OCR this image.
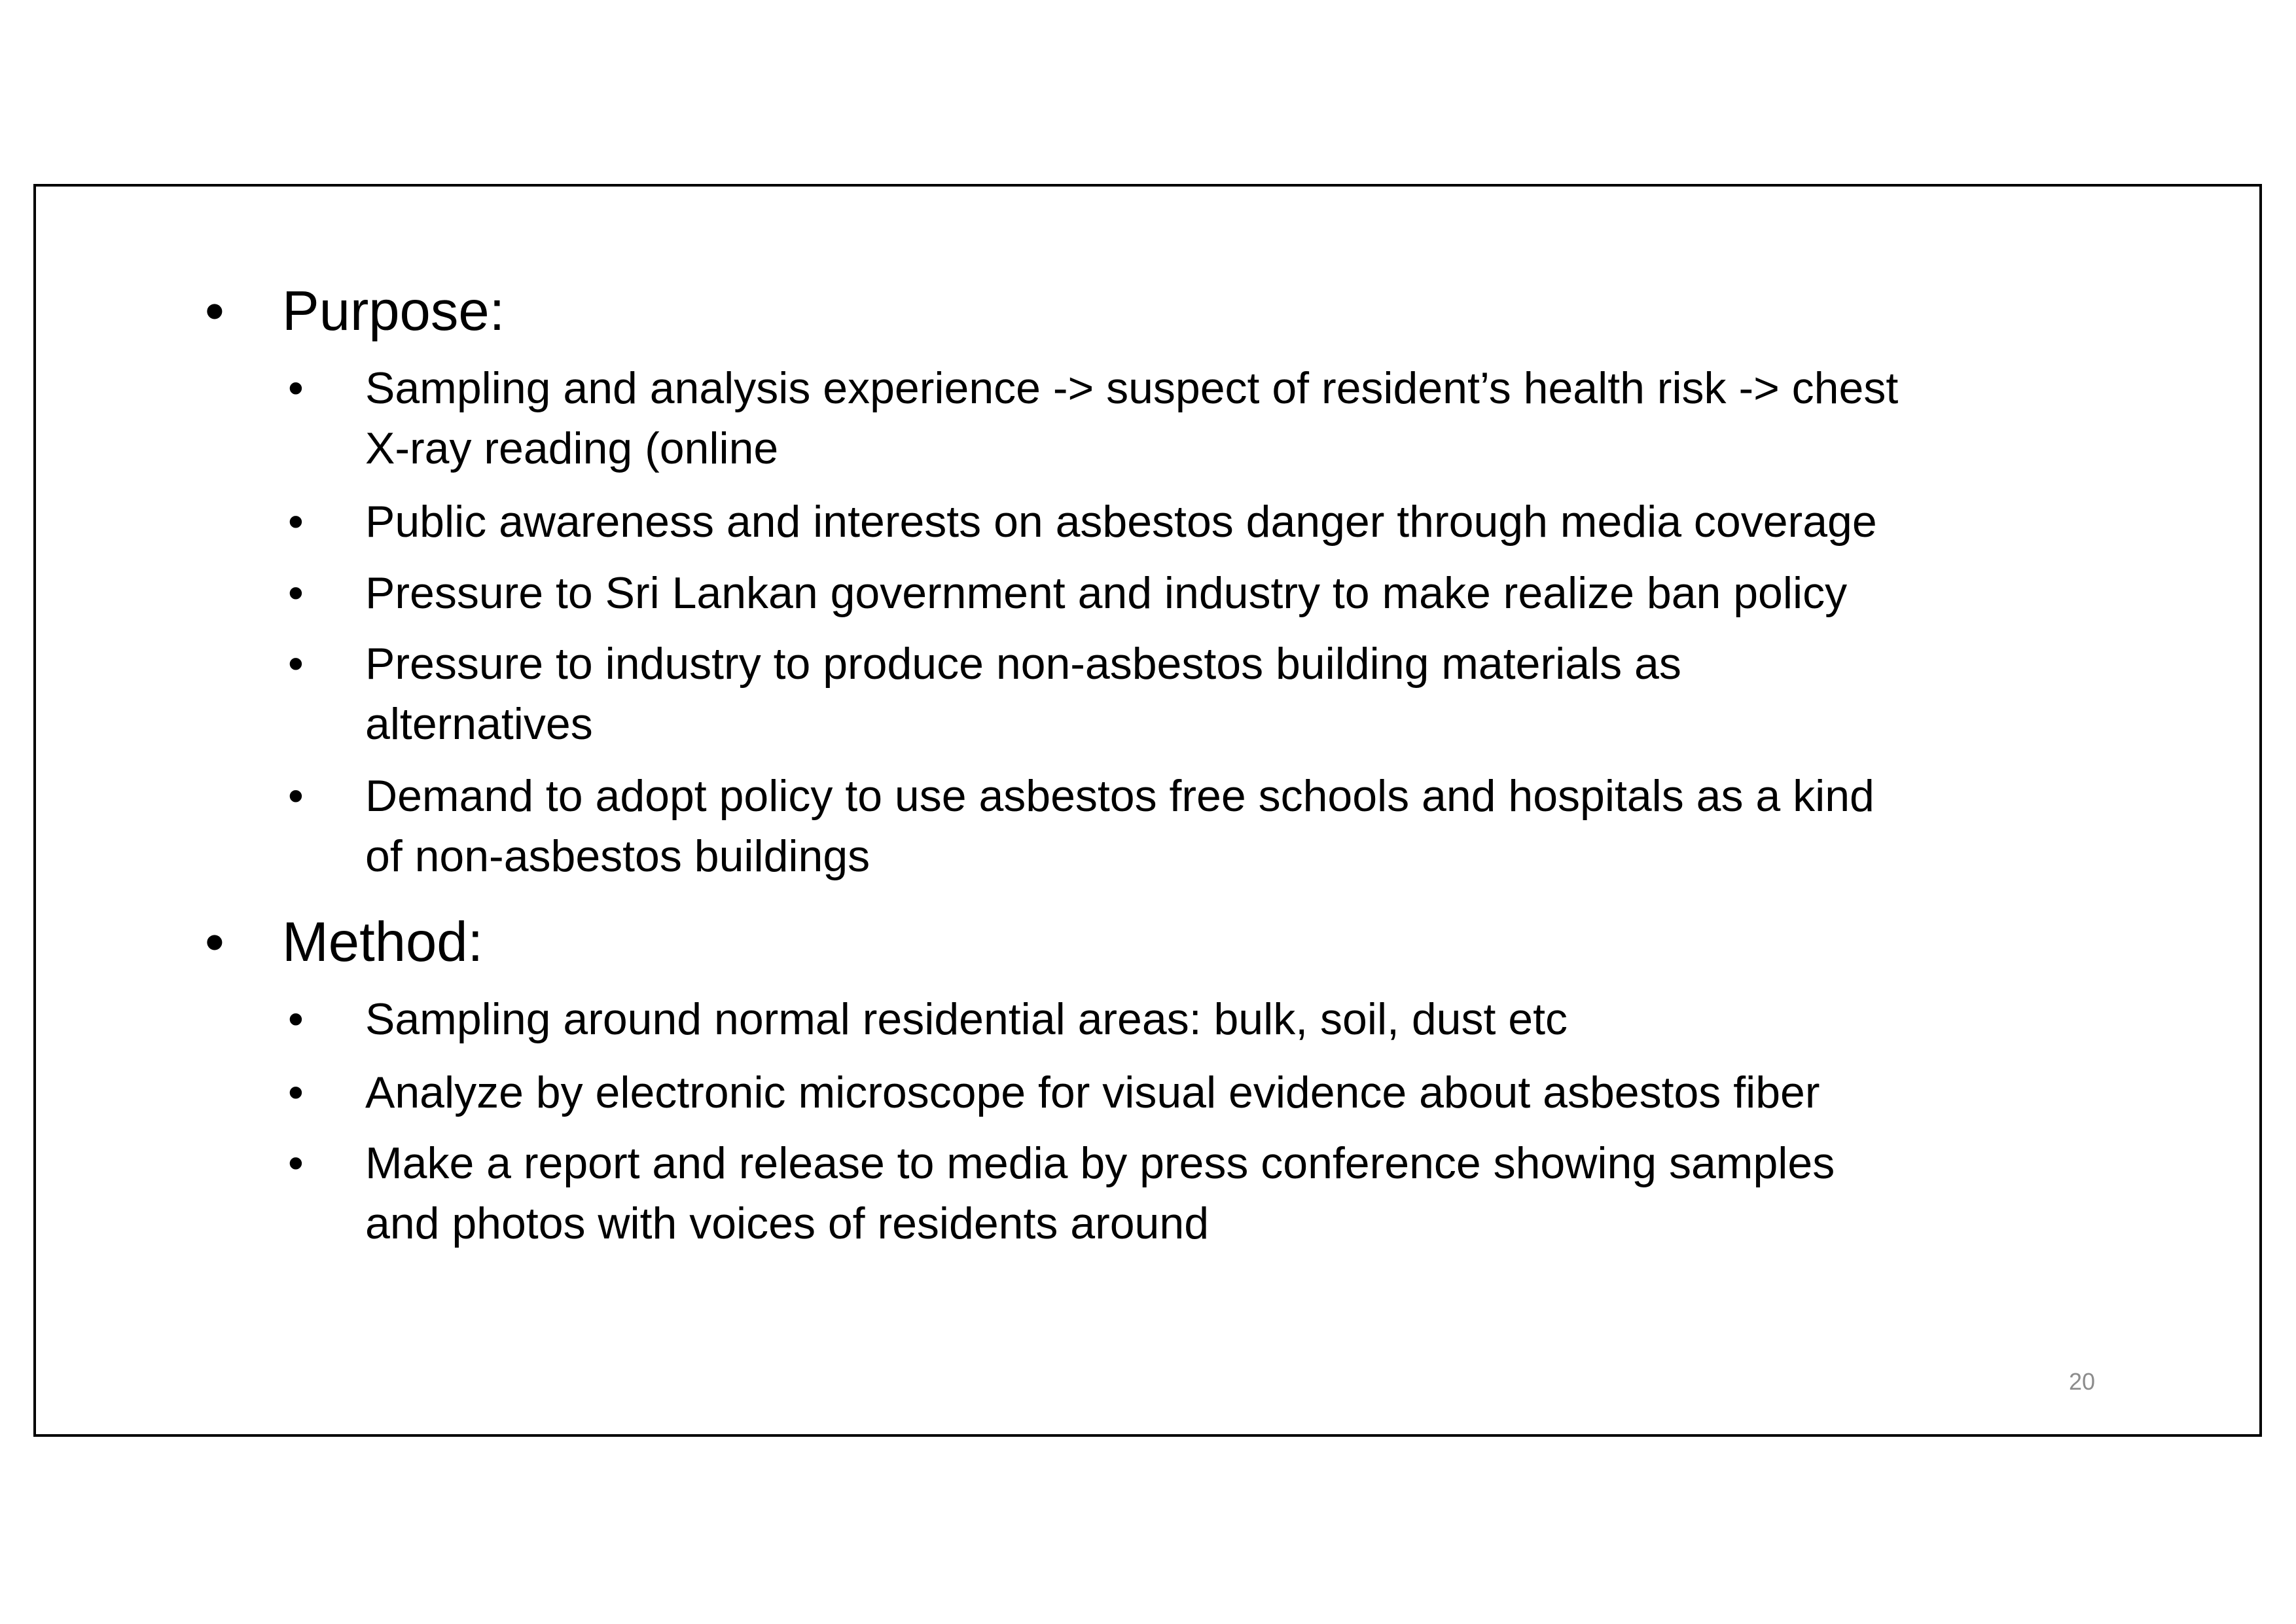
• Purpose:
• Sampling and analysis experience -> suspect of resident’s health risk -> chest
X-ray reading (online
• Public awareness and interests on asbestos danger through media coverage
• Pressure to Sri Lankan government and industry to make realize ban policy
• Pressure to industry to produce non-asbestos building materials as
alternatives
• Demand to adopt policy to use asbestos free schools and hospitals as a kind
of non-asbestos buildings
• Method:
• Sampling around normal residential areas: bulk, soil, dust etc
• Analyze by electronic microscope for visual evidence about asbestos fiber
• Make a report and release to media by press conference showing samples
and photos with voices of residents around
20
